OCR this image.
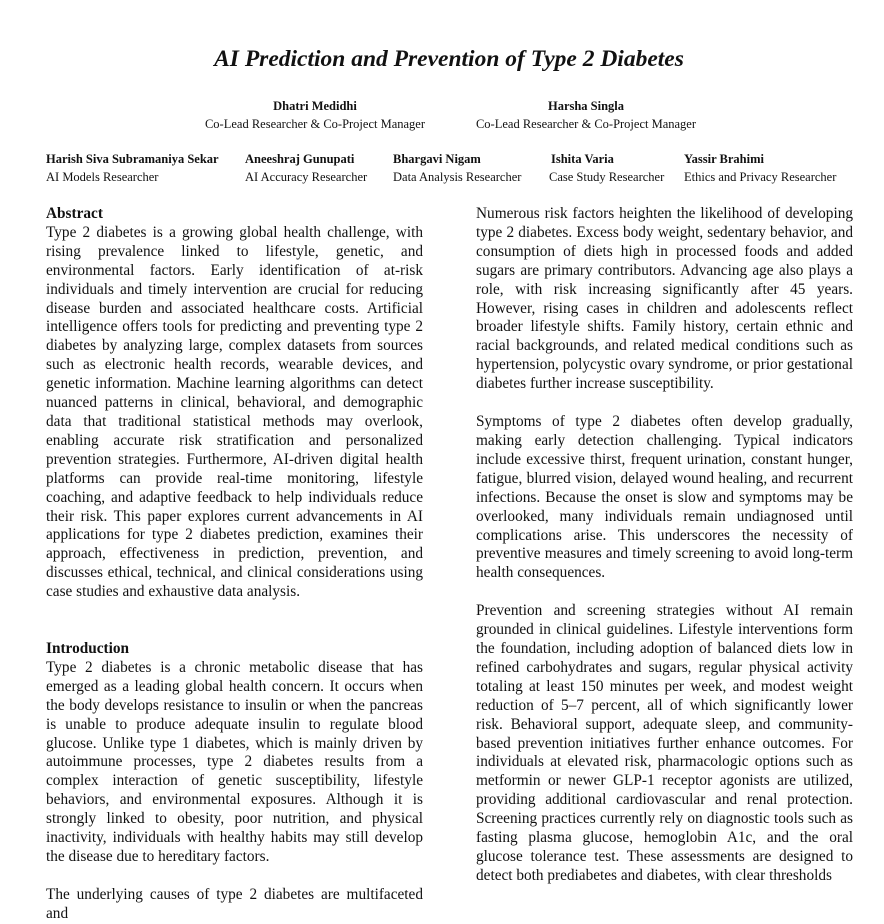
AI Prediction and Prevention of Type 2 Diabetes
Dhatri Medidhi
Co-Lead Researcher & Co-Project Manager
Harsha Singla
Co-Lead Researcher & Co-Project Manager
Harish Siva Subramaniya Sekar
AI Models Researcher
Aneeshraj Gunupati
AI Accuracy Researcher
Bhargavi Nigam
Data Analysis Researcher
Ishita Varia
Case Study Researcher
Yassir Brahimi
Ethics and Privacy Researcher
Abstract

Type 2 diabetes is a growing global health challenge, with rising prevalence linked to lifestyle, genetic, and environmental factors. Early identification of at-risk individuals and timely intervention are crucial for reducing disease burden and associated healthcare costs. Artificial intelligence offers tools for predicting and preventing type 2 diabetes by analyzing large, complex datasets from sources such as electronic health records, wearable devices, and genetic information. Machine learning algorithms can detect nuanced patterns in clinical, behavioral, and demographic data that traditional statistical methods may overlook, enabling accurate risk stratification and personalized prevention strategies. Furthermore, AI-driven digital health platforms can provide real-time monitoring, lifestyle coaching, and adaptive feedback to help individuals reduce their risk. This paper explores current advancements in AI applications for type 2 diabetes prediction, examines their approach, effectiveness in prediction, prevention, and discusses ethical, technical, and clinical considerations using case studies and exhaustive data analysis.

Introduction

Type 2 diabetes is a chronic metabolic disease that has emerged as a leading global health concern. It occurs when the body develops resistance to insulin or when the pancreas is unable to produce adequate insulin to regulate blood glucose. Unlike type 1 diabetes, which is mainly driven by autoimmune processes, type 2 diabetes results from a complex interaction of genetic susceptibility, lifestyle behaviors, and environmental exposures. Although it is strongly linked to obesity, poor nutrition, and physical inactivity, individuals with healthy habits may still develop the disease due to hereditary factors.

The underlying causes of type 2 diabetes are multifaceted and

Numerous risk factors heighten the likelihood of developing type 2 diabetes. Excess body weight, sedentary behavior, and consumption of diets high in processed foods and added sugars are primary contributors. Advancing age also plays a role, with risk increasing significantly after 45 years. However, rising cases in children and adolescents reflect broader lifestyle shifts. Family history, certain ethnic and racial backgrounds, and related medical conditions such as hypertension, polycystic ovary syndrome, or prior gestational diabetes further increase susceptibility.

Symptoms of type 2 diabetes often develop gradually, making early detection challenging. Typical indicators include excessive thirst, frequent urination, constant hunger, fatigue, blurred vision, delayed wound healing, and recurrent infections. Because the onset is slow and symptoms may be overlooked, many individuals remain undiagnosed until complications arise. This underscores the necessity of preventive measures and timely screening to avoid long-term health consequences.

Prevention and screening strategies without AI remain grounded in clinical guidelines. Lifestyle interventions form the foundation, including adoption of balanced diets low in refined carbohydrates and sugars, regular physical activity totaling at least 150 minutes per week, and modest weight reduction of 5–7 percent, all of which significantly lower risk. Behavioral support, adequate sleep, and community-based prevention initiatives further enhance outcomes. For individuals at elevated risk, pharmacologic options such as metformin or newer GLP-1 receptor agonists are utilized, providing additional cardiovascular and renal protection. Screening practices currently rely on diagnostic tools such as fasting plasma glucose, hemoglobin A1c, and the oral glucose tolerance test. These assessments are designed to detect both prediabetes and diabetes, with clear thresholds
